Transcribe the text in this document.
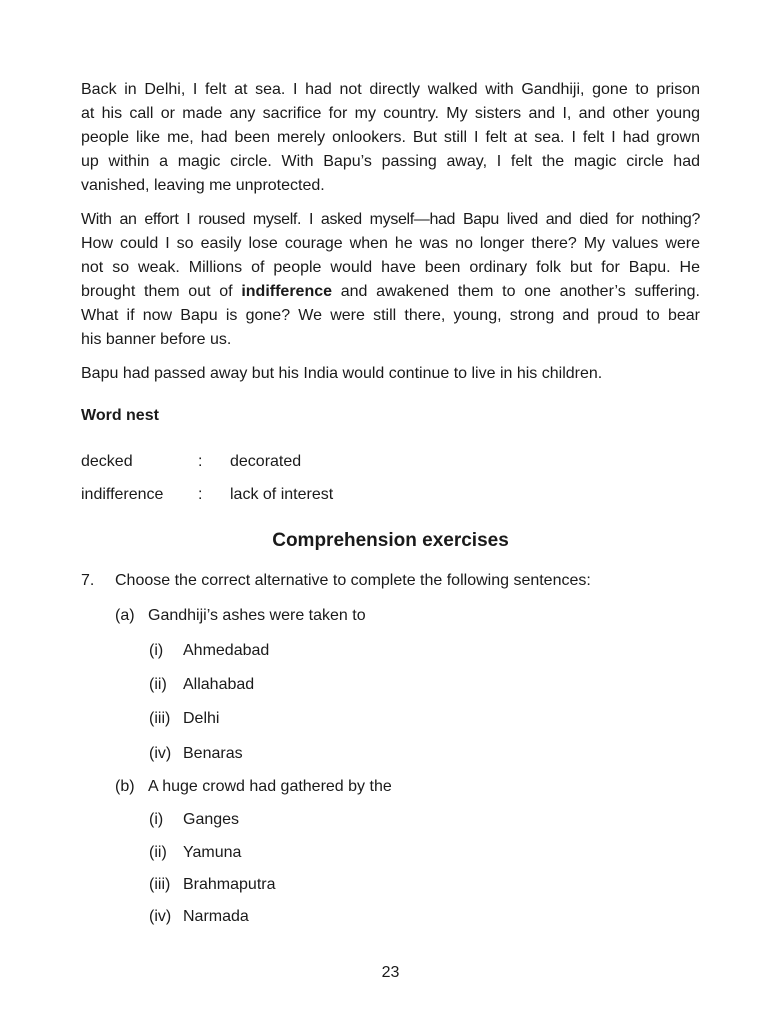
Back in Delhi, I felt at sea. I had not directly walked with Gandhiji, gone to prison
at his call or made any sacrifice for my country. My sisters and I, and other young
people like me, had been merely onlookers. But still I felt at sea. I felt I had grown
up within a magic circle. With Bapu’s passing away, I felt the magic circle had
vanished, leaving me unprotected.

With an effort I roused myself. I asked myself—had Bapu lived and died for nothing?
How could I so easily lose courage when he was no longer there? My values were
not so weak. Millions of people would have been ordinary folk but for Bapu. He
brought them out of indifference and awakened them to one another’s suffering.
What if now Bapu is gone? We were still there, young, strong and proud to bear
his banner before us.

Bapu had passed away but his India would continue to live in his children.

Word nest
decked	: decorated
indifference : lack of interest
Comprehension exercises
7. Choose the correct alternative to complete the following sentences:
(a) Gandhiji’s ashes were taken to
(i) Ahmedabad
(ii) Allahabad
(iii) Delhi
(iv) Benaras
(b) A huge crowd had gathered by the
(i) Ganges
(ii) Yamuna
(iii) Brahmaputra
(iv) Narmada
23
